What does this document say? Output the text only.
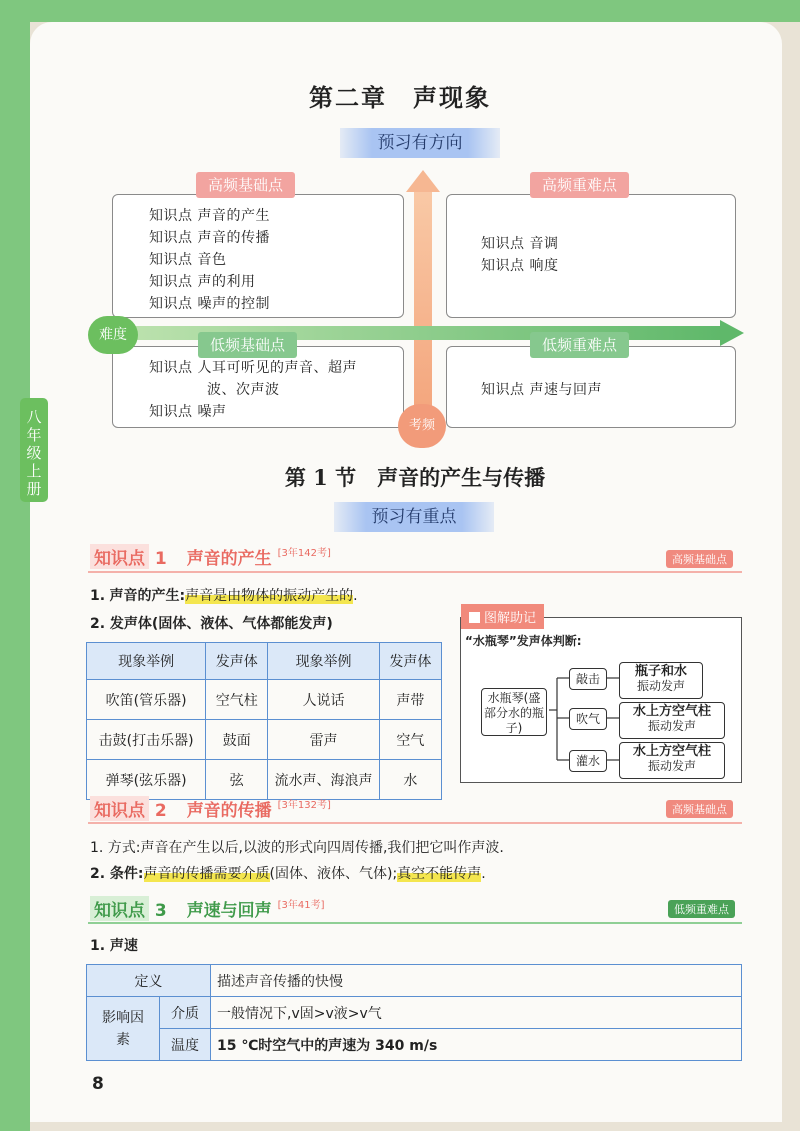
八年级上册
第二章　声现象
预习有方向
知识点 声音的产生
知识点 声音的传播
知识点 音色
知识点 声的利用
知识点 噪声的控制
高频基础点
知识点 音调
知识点 响度
高频重难点
知识点 人耳可听见的声音、超声
波、次声波
知识点 噪声
低频基础点
知识点 声速与回声
低频重难点
难度
考频
第 1 节　声音的产生与传播
预习有重点
知识点 1 声音的产生 [3年142考]	高频基础点
1. 声音的产生:声音是由物体的振动产生的.
2. 发声体(固体、液体、气体都能发声)
现象举例	发声体	现象举例	发声体
吹笛(管乐器)	空气柱	人说话	声带
击鼓(打击乐器)	鼓面	雷声	空气
弹琴(弦乐器)	弦	流水声、海浪声	水
图解助记
“水瓶琴”发声体判断:
水瓶琴(盛部分水的瓶子)
敲击
吹气
灌水
瓶子和水
振动发声
水上方空气柱
振动发声
水上方空气柱
振动发声
知识点 2 声音的传播 [3年132考]	高频基础点
1. 方式:声音在产生以后,以波的形式向四周传播,我们把它叫作声波.
2. 条件:声音的传播需要介质(固体、液体、气体);真空不能传声.
知识点 3 声速与回声 [3年41考]	低频重难点
1. 声速
定义		描述声音传播的快慢
影响因素	介质	一般情况下,v固>v液>v气
	温度	15 ℃时空气中的声速为 340 m/s
8
